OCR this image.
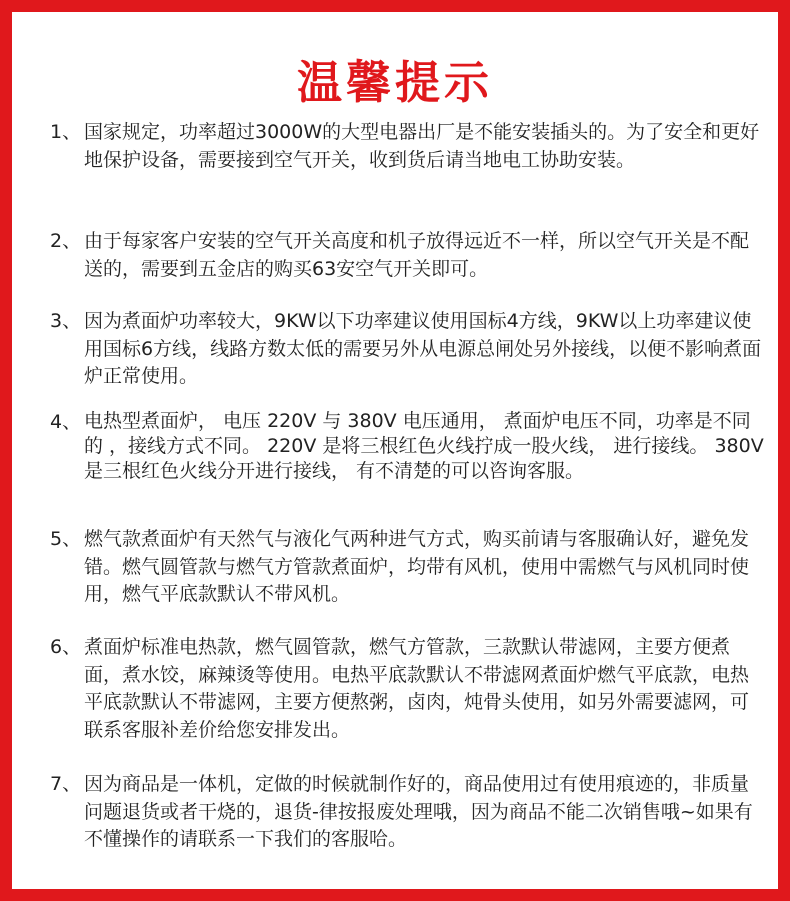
温馨提示
1、 国家规定，功率超过3000W的大型电器出厂是不能安装插头的。为了安全和更好地保护设备，需要接到空气开关，收到货后请当地电工协助安装。
2、 由于每家客户安装的空气开关高度和机子放得远近不一样，所以空气开关是不配送的，需要到五金店的购买63安空气开关即可。
3、 因为煮面炉功率较大，9KW以下功率建议使用国标4方线，9KW以上功率建议使用国标6方线，线路方数太低的需要另外从电源总闸处另外接线，以便不影响煮面炉正常使用。
4、 电热型煮面炉， 电压 220V 与 380V 电压通用， 煮面炉电压不同，功率是不同的 ，接线方式不同。 220V 是将三根红色火线拧成一股火线， 进行接线。 380V 是三根红色火线分开进行接线， 有不清楚的可以咨询客服。
5、 燃气款煮面炉有天然气与液化气两种进气方式，购买前请与客服确认好，避免发错。燃气圆管款与燃气方管款煮面炉，均带有风机，使用中需燃气与风机同时使用，燃气平底款默认不带风机。
6、 煮面炉标准电热款，燃气圆管款，燃气方管款，三款默认带滤网，主要方便煮面，煮水饺，麻辣烫等使用。电热平底款默认不带滤网煮面炉燃气平底款，电热平底款默认不带滤网，主要方便熬粥，卤肉，炖骨头使用，如另外需要滤网，可联系客服补差价给您安排发出。
7、 因为商品是一体机，定做的时候就制作好的，商品使用过有使用痕迹的，非质量问题退货或者干烧的，退货-律按报废处理哦，因为商品不能二次销售哦~如果有不懂操作的请联系一下我们的客服哈。
